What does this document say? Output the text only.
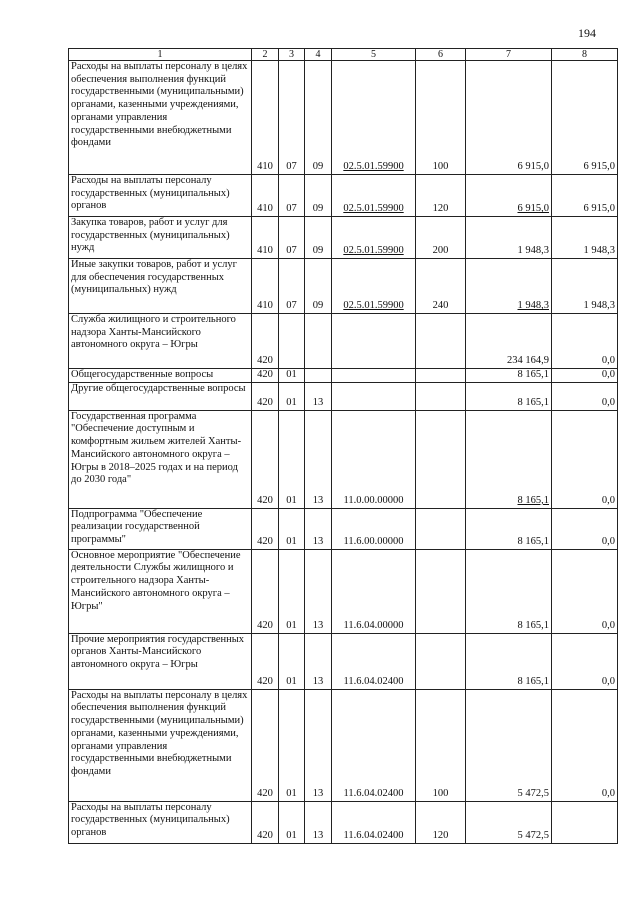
194
1	2	3	4	5	6	7	8
Расходы на выплаты персоналу в целях обеспечения выполнения функций государственными (муниципальными) органами, казенными учреждениями, органами управления государственными внебюджетными фондами	410	07	09	02.5.01.59900	100	6 915,0	6 915,0
Расходы на выплаты персоналу государственных (муниципальных) органов	410	07	09	02.5.01.59900	120	6 915,0	6 915,0
Закупка товаров, работ и услуг для государственных (муниципальных) нужд	410	07	09	02.5.01.59900	200	1 948,3	1 948,3
Иные закупки товаров, работ и услуг для обеспечения государственных (муниципальных) нужд	410	07	09	02.5.01.59900	240	1 948,3	1 948,3
Служба жилищного и строительного надзора Ханты-Мансийского автономного округа – Югры	420					234 164,9	0,0
Общегосударственные вопросы	420	01				8 165,1	0,0
Другие общегосударственные вопросы	420	01	13			8 165,1	0,0
Государственная программа "Обеспечение доступным и комфортным жильем жителей Ханты-Мансийского автономного округа – Югры в 2018–2025 годах и на период до 2030 года"	420	01	13	11.0.00.00000		8 165,1	0,0
Подпрограмма "Обеспечение реализации государственной программы"	420	01	13	11.6.00.00000		8 165,1	0,0
Основное мероприятие "Обеспечение деятельности Службы жилищного и строительного надзора Ханты-Мансийского автономного округа – Югры"	420	01	13	11.6.04.00000		8 165,1	0,0
Прочие мероприятия государственных органов Ханты-Мансийского автономного округа – Югры	420	01	13	11.6.04.02400		8 165,1	0,0
Расходы на выплаты персоналу в целях обеспечения выполнения функций государственными (муниципальными) органами, казенными учреждениями, органами управления государственными внебюджетными фондами	420	01	13	11.6.04.02400	100	5 472,5	0,0
Расходы на выплаты персоналу государственных (муниципальных) органов	420	01	13	11.6.04.02400	120	5 472,5	
